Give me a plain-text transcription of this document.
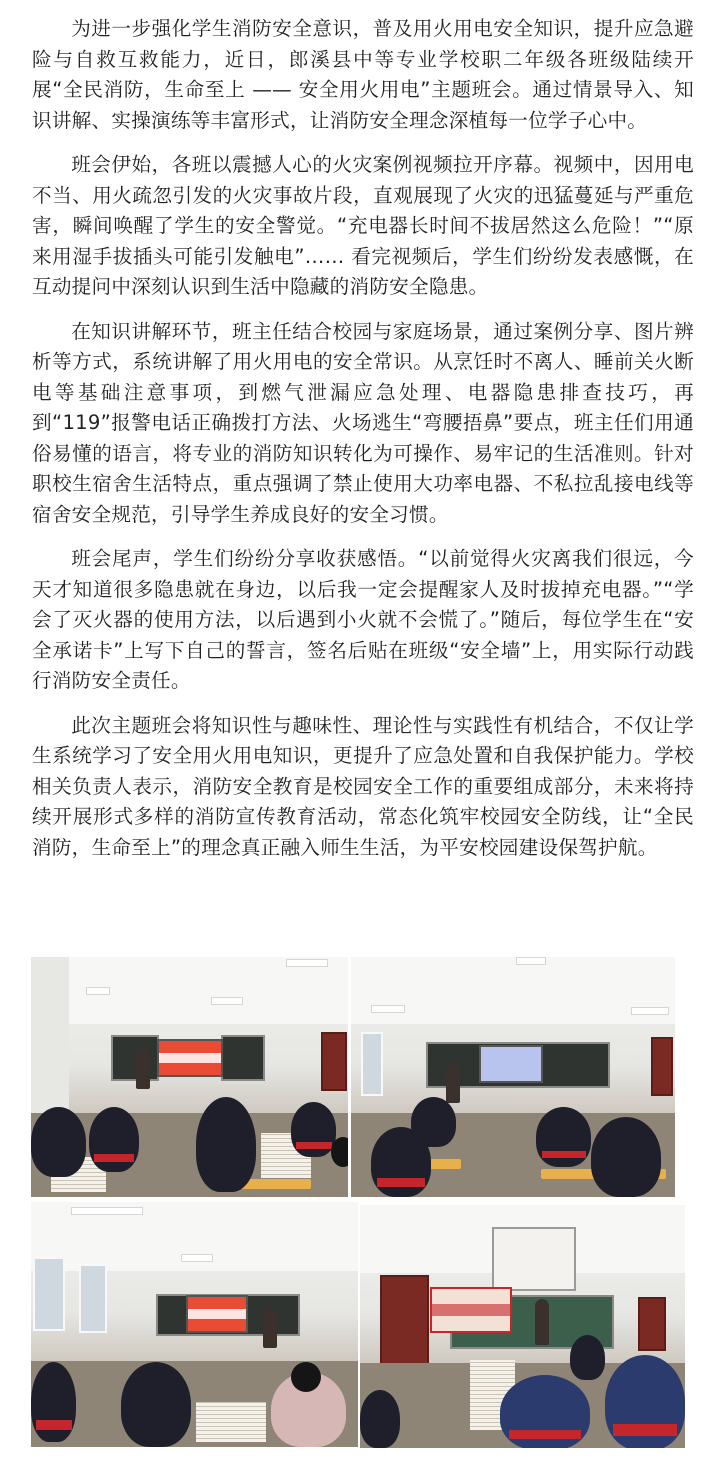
为进一步强化学生消防安全意识，普及用火用电安全知识，提升应急避险与自救互救能力，近日，郎溪县中等专业学校职二年级各班级陆续开展“全民消防，生命至上 —— 安全用火用电”主题班会。通过情景导入、知识讲解、实操演练等丰富形式，让消防安全理念深植每一位学子心中。

班会伊始，各班以震撼人心的火灾案例视频拉开序幕。视频中，因用电不当、用火疏忽引发的火灾事故片段，直观展现了火灾的迅猛蔓延与严重危害，瞬间唤醒了学生的安全警觉。“充电器长时间不拔居然这么危险！”“原来用湿手拔插头可能引发触电”…… 看完视频后，学生们纷纷发表感慨，在互动提问中深刻认识到生活中隐藏的消防安全隐患。

在知识讲解环节，班主任结合校园与家庭场景，通过案例分享、图片辨析等方式，系统讲解了用火用电的安全常识。从烹饪时不离人、睡前关火断电等基础注意事项，到燃气泄漏应急处理、电器隐患排查技巧，再到“119”报警电话正确拨打方法、火场逃生“弯腰捂鼻”要点，班主任们用通俗易懂的语言，将专业的消防知识转化为可操作、易牢记的生活准则。针对职校生宿舍生活特点，重点强调了禁止使用大功率电器、不私拉乱接电线等宿舍安全规范，引导学生养成良好的安全习惯。

班会尾声，学生们纷纷分享收获感悟。“以前觉得火灾离我们很远，今天才知道很多隐患就在身边，以后我一定会提醒家人及时拔掉充电器。”“学会了灭火器的使用方法，以后遇到小火就不会慌了。”随后，每位学生在“安全承诺卡”上写下自己的誓言，签名后贴在班级“安全墙”上，用实际行动践行消防安全责任。

此次主题班会将知识性与趣味性、理论性与实践性有机结合，不仅让学生系统学习了安全用火用电知识，更提升了应急处置和自我保护能力。学校相关负责人表示，消防安全教育是校园安全工作的重要组成部分，未来将持续开展形式多样的消防宣传教育活动，常态化筑牢校园安全防线，让“全民消防，生命至上”的理念真正融入师生生活，为平安校园建设保驾护航。
